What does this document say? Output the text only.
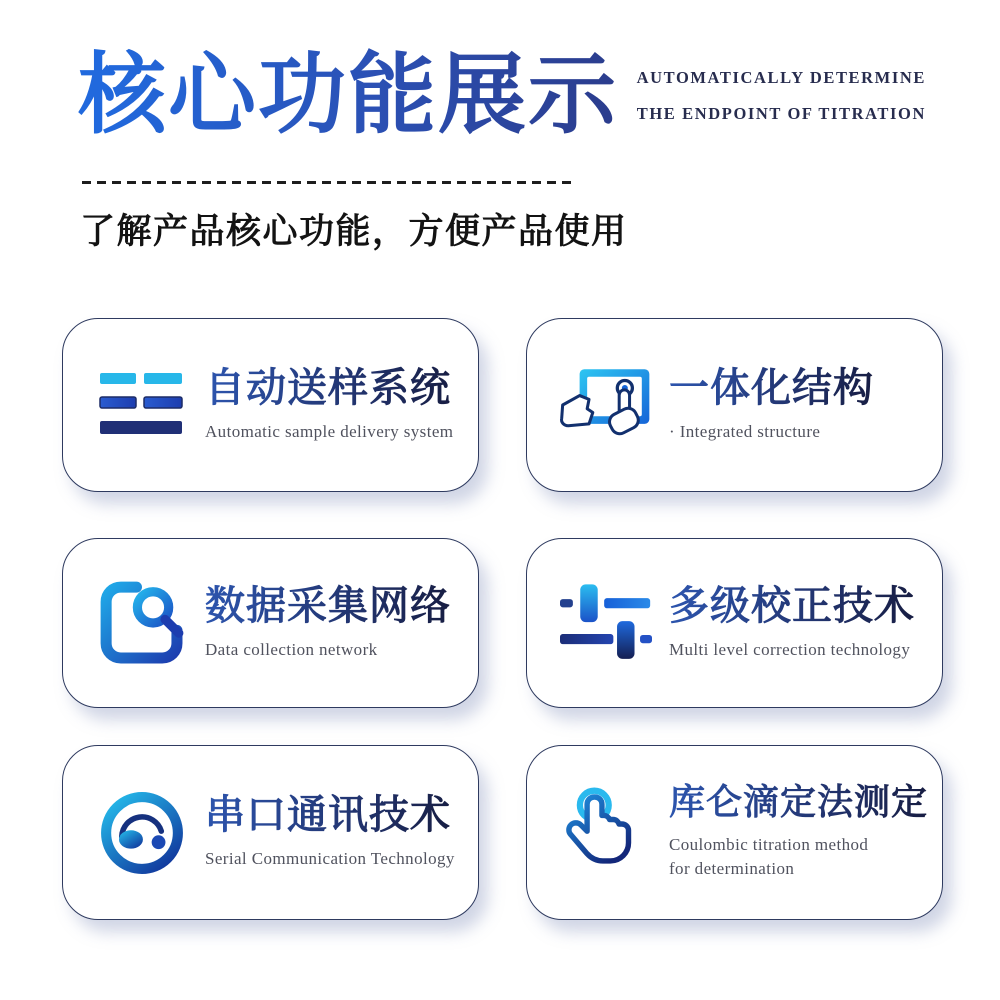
核心功能展示 AUTOMATICALLY DETERMINE
THE ENDPOINT OF TITRATION
了解产品核心功能，方便产品使用
自动送样系统
Automatic sample delivery system
一体化结构
· Integrated structure
数据采集网络
Data collection network
多级校正技术
Multi level correction technology
串口通讯技术
Serial Communication Technology
库仑滴定法测定
Coulombic titration method
for determination
